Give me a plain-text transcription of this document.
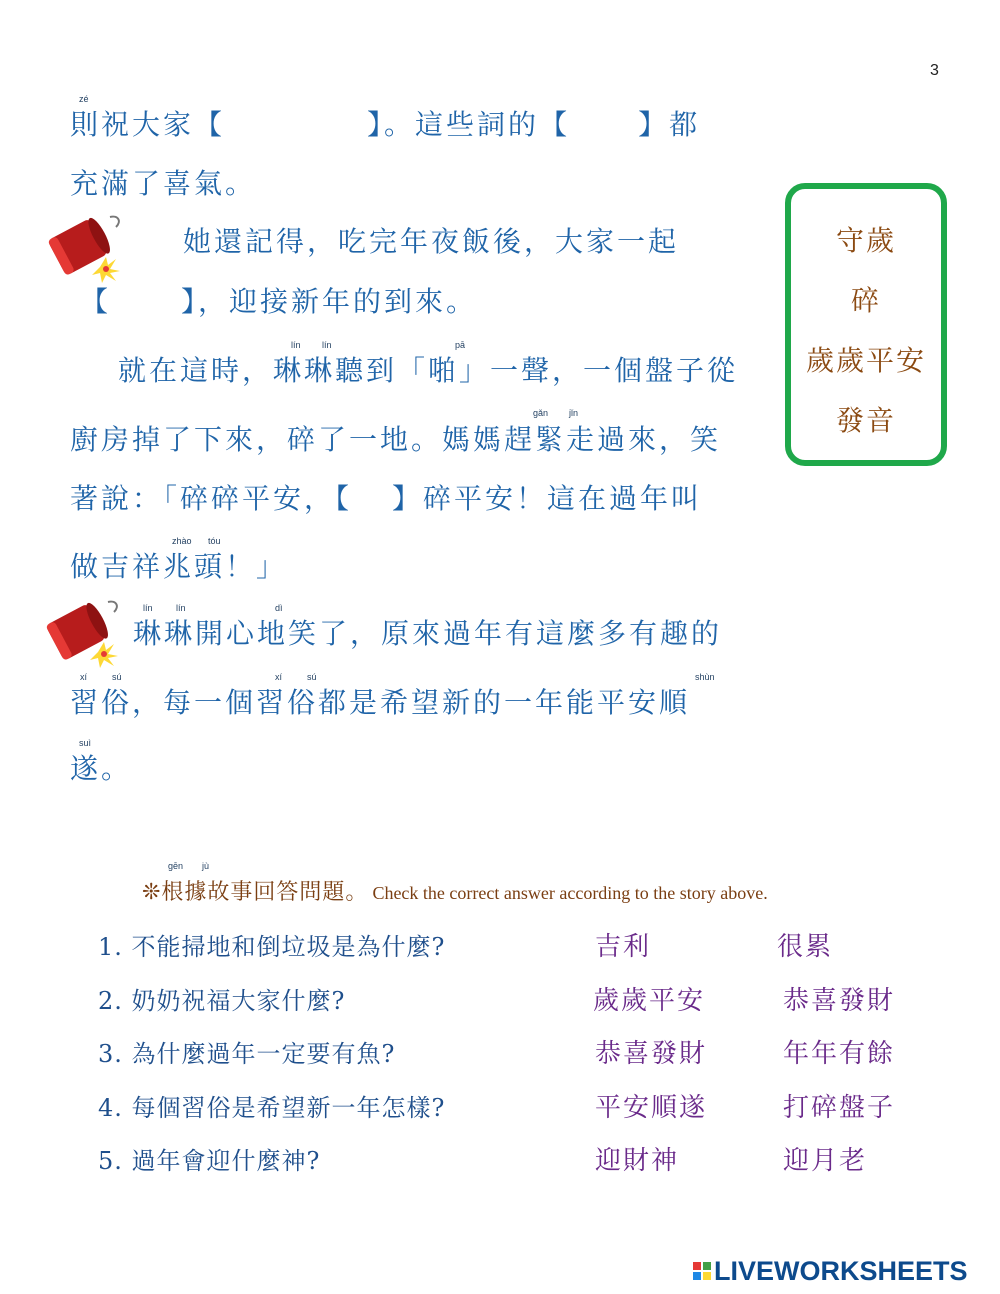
3
則祝大家【	】。這些詞的【 】都
充滿了喜氣。
她還記得，吃完年夜飯後，大家一起
【	】，迎接新年的到來。
就在這時，琳琳聽到「啪」一聲，一個盤子從
廚房掉了下來，碎了一地。媽媽趕緊走過來，笑
著說：「碎碎平安，【 】碎平安！這在過年叫
做吉祥兆頭！」
琳琳開心地笑了，原來過年有這麼多有趣的
習俗，每一個習俗都是希望新的一年能平安順
遂。
zé
lín lín	pā
gǎn jǐn
zhào tóu
lín	lín	dì
xí	sú	xí	sú	shùn
suì
gēn jù
守歲
碎
歲歲平安
發音
❊根據故事回答問題。 Check the correct answer according to the story above.
1. 不能掃地和倒垃圾是為什麼?	吉利	很累
2. 奶奶祝福大家什麼?	歲歲平安	恭喜發財
3. 為什麼過年一定要有魚?	恭喜發財	年年有餘
4. 每個習俗是希望新一年怎樣?	平安順遂	打碎盤子
5. 過年會迎什麼神?	迎財神	迎月老
LIVEWORKSHEETS
